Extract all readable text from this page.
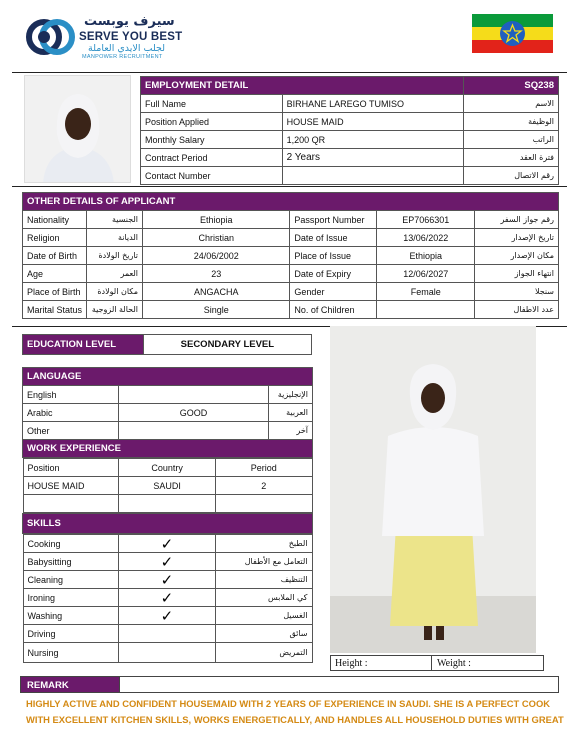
سيرف يوبست
SERVE YOU BEST
لجلب الايدي العاملة
MANPOWER RECRUITMENT
EMPLOYMENT DETAIL		SQ238
Full Name	BIRHANE LAREGO TUMISO	الاسم
Position Applied	HOUSE MAID	الوظيفة
Monthly Salary	1,200 QR	الراتب
Contract Period	2 Years	فترة العقد
Contact Number		رقم الاتصال
OTHER DETAILS OF APPLICANT					
Nationality	الجنسية	Ethiopia	Passport Number	EP7066301	رقم جواز السفر
Religion	الديانة	Christian	Date of Issue	13/06/2022	تاريخ الإصدار
Date of Birth	تاريخ الولادة	24/06/2002	Place of Issue	Ethiopia	مكان الإصدار
Age	العمر	23	Date of Expiry	12/06/2027	انتهاء الجواز
Place of Birth	مكان الولادة	ANGACHA	Gender	Female	سنجلا
Marital Status	الحالة الزوجية	Single	No. of Children		عدد الاطفال
EDUCATION LEVEL	SECONDARY LEVEL
LANGUAGE
English		الإنجليزية
Arabic	GOOD	العربية
Other		آخر
WORK EXPERIENCE

Position	Country	Period
HOUSE MAID	SAUDI	2

SKILLS

Cooking	✓	الطبخ
Babysitting	✓	التعامل مع الأطفال
Cleaning	✓	التنظيف
Ironing	✓	كي الملابس
Washing	✓	الغسيل
Driving		سائق
Nursing		التمريض
Height :	Weight :
REMARK
HIGHLY ACTIVE AND CONFIDENT HOUSEMAID WITH 2 YEARS OF EXPERIENCE IN SAUDI. SHE IS A PERFECT COOK WITH EXCELLENT KITCHEN SKILLS, WORKS ENERGETICALLY, AND HANDLES ALL HOUSEHOLD DUTIES WITH GREAT
